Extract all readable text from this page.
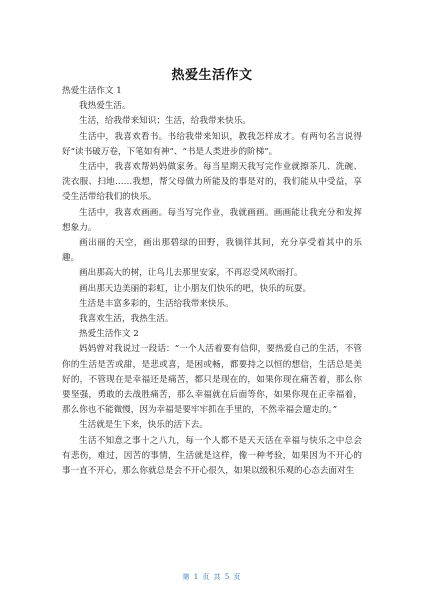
热爱生活作文

热爱生活作文 1

我热爱生活。

生活，给我带来知识；生活，给我带来快乐。

生活中，我喜欢看书。书给我带来知识，教我怎样成才。有两句名言说得好“读书破万卷，下笔如有神”、“书是人类进步的阶梯”。

生活中，我喜欢帮妈妈做家务。每当星期天我写完作业就擦茶几、洗碗、洗衣服、扫地……我想，帮父母做力所能及的事是对的，我们能从中受益，享受生活带给我们的快乐。

生活中，我喜欢画画。每当写完作业，我就画画。画画能让我充分和发挥想象力。

画出丽的天空，画出那碧绿的田野，我徜徉其间，充分享受着其中的乐趣。

画出那高大的树，让鸟儿去那里安家，不再忍受风吹雨打。

画出那天边美丽的彩虹，让小朋友们快乐的吧，快乐的玩耍。

生活是丰富多彩的，生活给我带来快乐。

我喜欢生活，我热生活。

热爱生活作文 2

妈妈曾对我说过一段话：“一个人活着要有信仰，要热爱自己的生活，不管你的生活是苦或甜，是悲或喜，是困或畅，都要持之以恒的想信，生活总是美好的，不管现在是幸福还是痛苦，都只是现在的，如果你现在痛苦着，那么你要坚强，勇敢的去战胜痛苦，那么幸福就在后面等你，如果你现在正幸福着，那么你也不能微慢，因为幸福是要牢牢抓在手里的，不然幸福会遛走的。”

生活就是生下来，快乐的活下去。

生活不知意之事十之八九，每一个人都不是天天活在幸福与快乐之中总会有悲伤，难过，因苦的事情，生活就是这样，像一种考验，如果因为不开心的事一直不开心，那么你就总是会不开心很久，如果以级积乐观的心态去面对生

第 1 页 共 5 页
